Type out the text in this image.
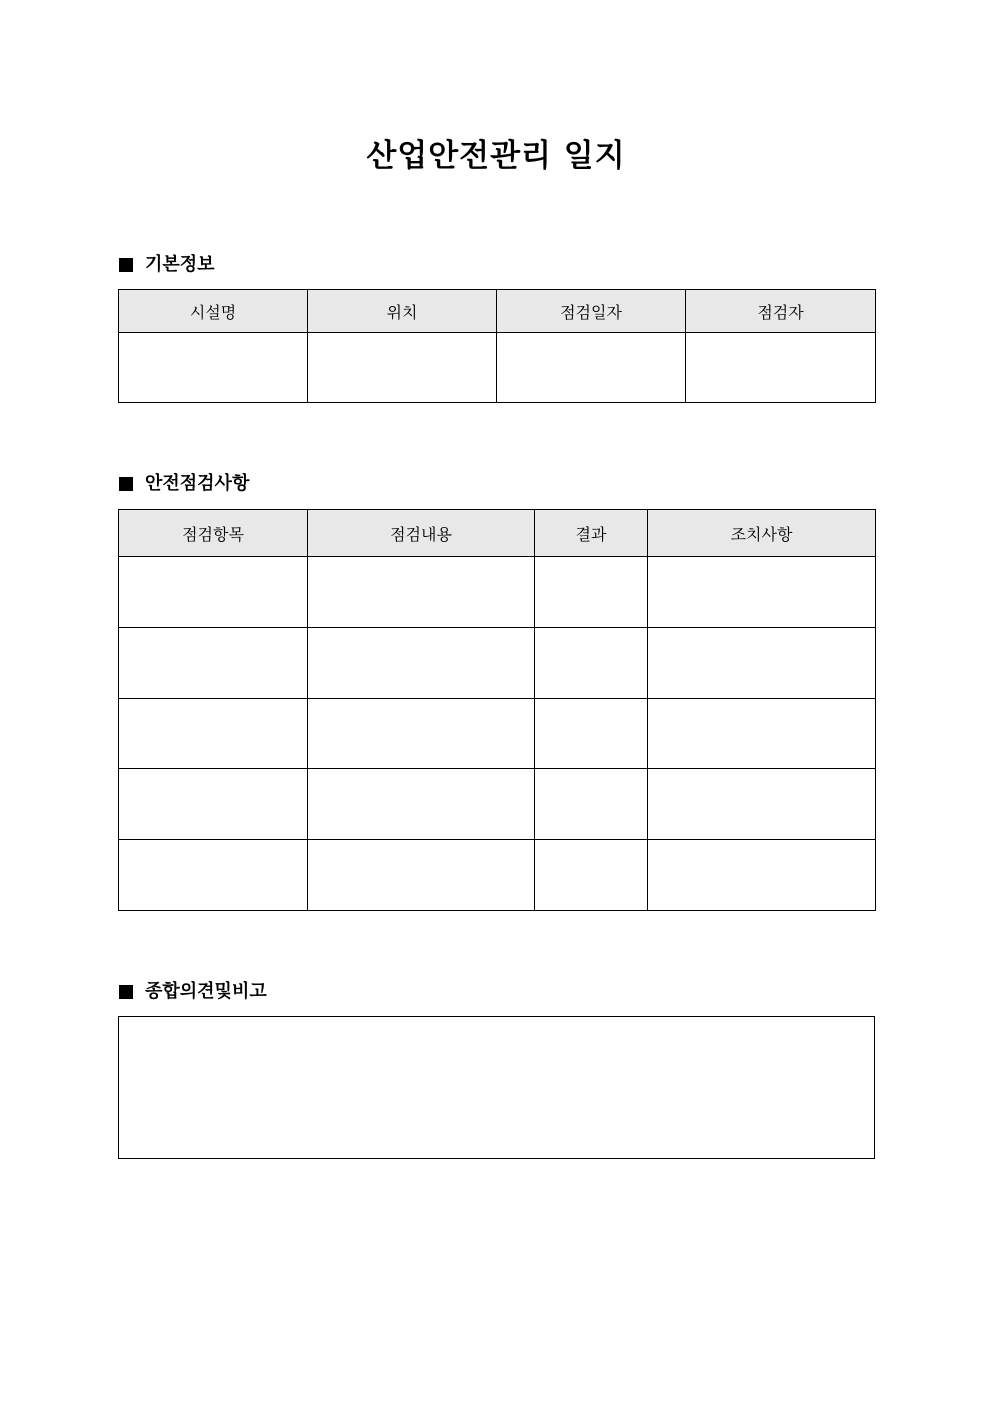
산업안전관리 일지
기본정보
시설명	위치	점검일자	점검자

안전점검사항
점검항목	점검내용	결과	조치사항

종합의견및비고
